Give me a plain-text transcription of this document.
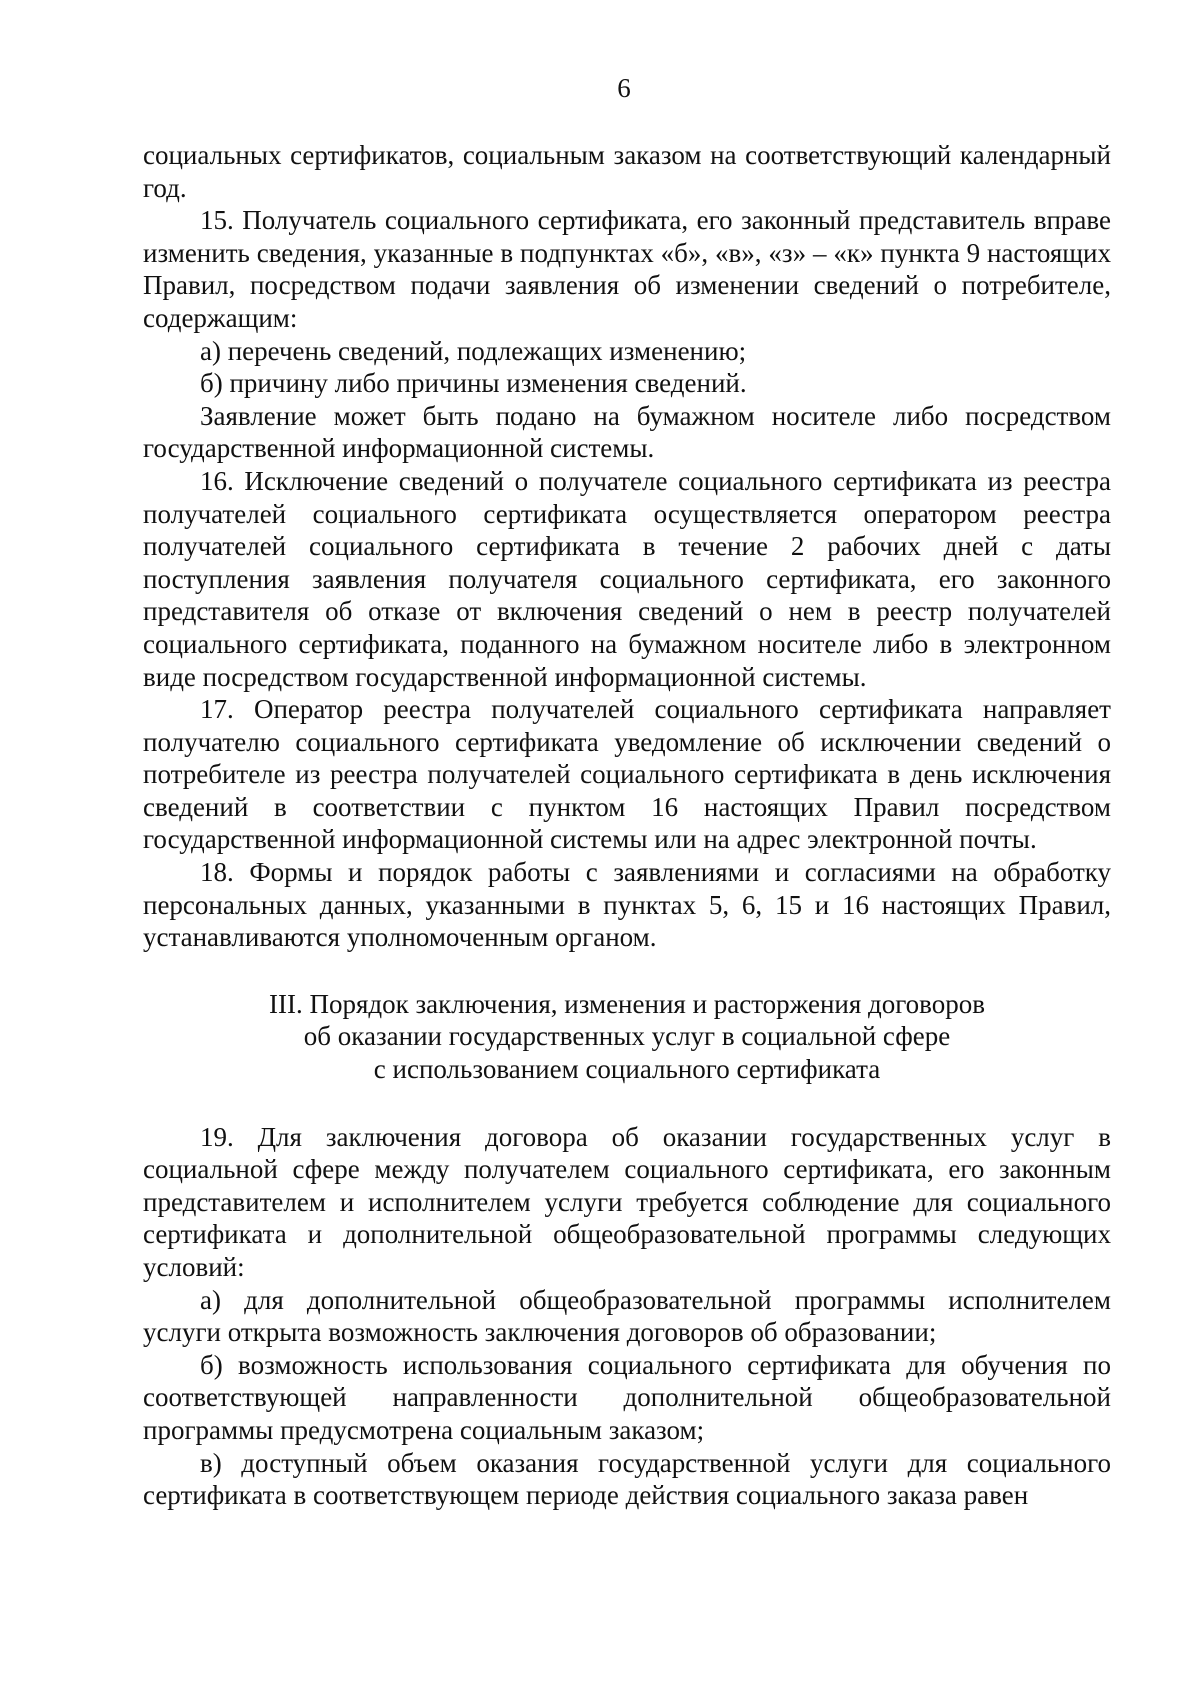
6

социальных сертификатов, социальным заказом на соответствующий календарный год.

15. Получатель социального сертификата, его законный представитель вправе изменить сведения, указанные в подпунктах «б», «в», «з» – «к» пункта 9 настоящих Правил, посредством подачи заявления об изменении сведений о потребителе, содержащим:

а) перечень сведений, подлежащих изменению;

б) причину либо причины изменения сведений.

Заявление может быть подано на бумажном носителе либо посредством государственной информационной системы.

16. Исключение сведений о получателе социального сертификата из реестра получателей социального сертификата осуществляется оператором реестра получателей социального сертификата в течение 2 рабочих дней с даты поступления заявления получателя социального сертификата, его законного представителя об отказе от включения сведений о нем в реестр получателей социального сертификата, поданного на бумажном носителе либо в электронном виде посредством государственной информационной системы.

17. Оператор реестра получателей социального сертификата направляет получателю социального сертификата уведомление об исключении сведений о потребителе из реестра получателей социального сертификата в день исключения сведений в соответствии с пунктом 16 настоящих Правил посредством государственной информационной системы или на адрес электронной почты.

18. Формы и порядок работы с заявлениями и согласиями на обработку персональных данных, указанными в пунктах 5, 6, 15 и 16 настоящих Правил, устанавливаются уполномоченным органом.

III. Порядок заключения, изменения и расторжения договоров
об оказании государственных услуг в социальной сфере
с использованием социального сертификата

19. Для заключения договора об оказании государственных услуг в социальной сфере между получателем социального сертификата, его законным представителем и исполнителем услуги требуется соблюдение для социального сертификата и дополнительной общеобразовательной программы следующих условий:

а) для дополнительной общеобразовательной программы исполнителем услуги открыта возможность заключения договоров об образовании;

б) возможность использования социального сертификата для обучения по соответствующей направленности дополнительной общеобразовательной программы предусмотрена социальным заказом;

в) доступный объем оказания государственной услуги для социального сертификата в соответствующем периоде действия социального заказа равен
